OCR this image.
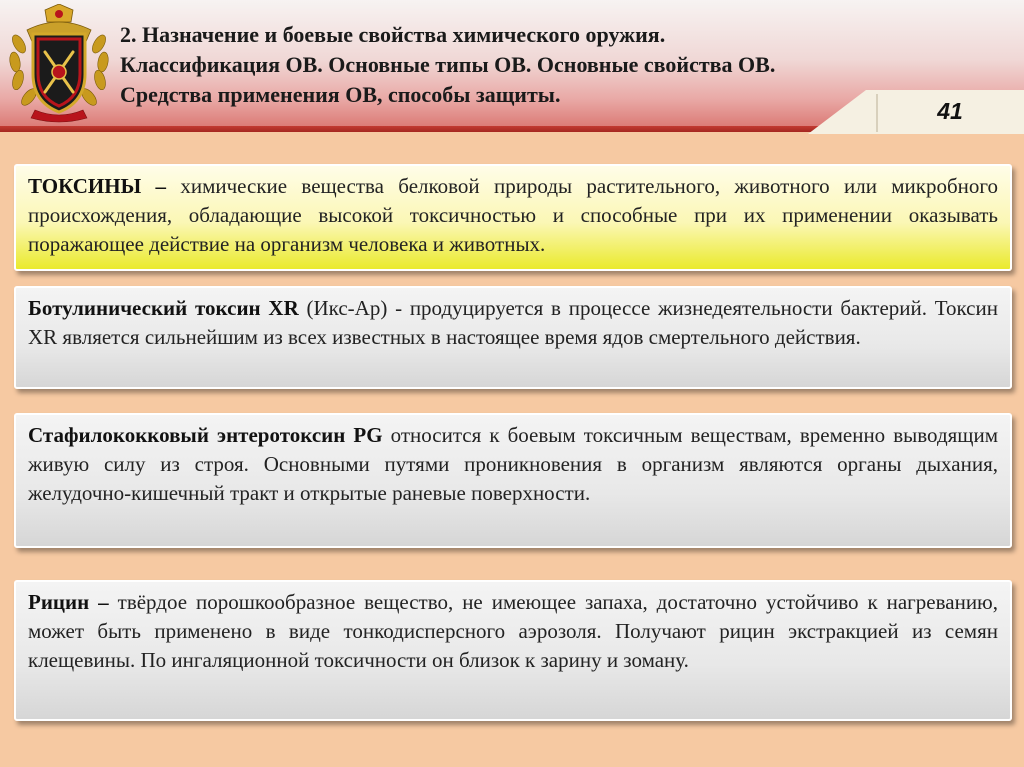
2. Назначение и боевые свойства химического оружия.
Классификация ОВ. Основные типы ОВ. Основные свойства ОВ.
Средства применения ОВ, способы защиты.
41
ТОКСИНЫ – химические вещества белковой природы растительного, животного или микробного происхождения, обладающие высокой токсичностью и способные при их применении оказывать поражающее действие на организм человека и животных.
Ботулинический токсин XR (Икс-Ар) - продуцируется в процессе жизнедеятельности бактерий. Токсин XR является сильнейшим из всех известных в настоящее время ядов смертельного действия.
Стафилококковый энтеротоксин PG относится к боевым токсичным веществам, временно выводящим живую силу из строя. Основными путями проникновения в организм являются органы дыхания, желудочно-кишечный тракт и открытые раневые поверхности.
Рицин – твёрдое порошкообразное вещество, не имеющее запаха, достаточно устойчиво к нагреванию, может быть применено в виде тонкодисперсного аэрозоля. Получают рицин экстракцией из семян клещевины. По ингаляционной токсичности он близок к зарину и зоману.
